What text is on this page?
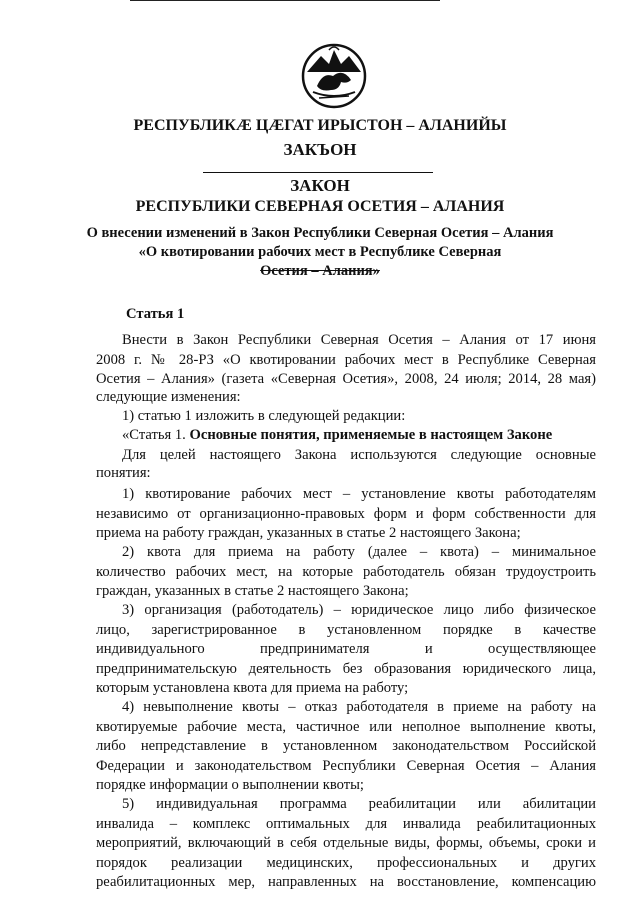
РЕСПУБЛИКӔ ЦӔГАТ ИРЫСТОН – АЛАНИЙЫ
ЗАКЪОН
ЗАКОН
РЕСПУБЛИКИ СЕВЕРНАЯ ОСЕТИЯ – АЛАНИЯ
О внесении изменений в Закон Республики Северная Осетия – Алания
«О квотировании рабочих мест в Республике Северная
Осетия – Алания»
Статья 1
Внести в Закон Республики Северная Осетия – Алания от 17 июня
2008 г. № 28-РЗ «О квотировании рабочих мест в Республике Северная
Осетия – Алания» (газета «Северная Осетия», 2008, 24 июля; 2014, 28 мая)
следующие изменения:
1) статью 1 изложить в следующей редакции:
«Статья 1. Основные понятия, применяемые в настоящем Законе
Для целей настоящего Закона используются следующие основные
понятия:
1) квотирование рабочих мест – установление квоты работодателям
независимо от организационно-правовых форм и форм собственности для
приема на работу граждан, указанных в статье 2 настоящего Закона;
2) квота для приема на работу (далее – квота) – минимальное
количество рабочих мест, на которые работодатель обязан трудоустроить
граждан, указанных в статье 2 настоящего Закона;
3) организация (работодатель) – юридическое лицо либо физическое
лицо, зарегистрированное в установленном порядке в качестве
индивидуального предпринимателя и осуществляющее
предпринимательскую деятельность без образования юридического лица,
которым установлена квота для приема на работу;
4) невыполнение квоты – отказ работодателя в приеме на работу на
квотируемые рабочие места, частичное или неполное выполнение квоты,
либо непредставление в установленном законодательством Российской
Федерации и законодательством Республики Северная Осетия – Алания
порядке информации о выполнении квоты;
5) индивидуальная программа реабилитации или абилитации
инвалида – комплекс оптимальных для инвалида реабилитационных
мероприятий, включающий в себя отдельные виды, формы, объемы, сроки и
порядок реализации медицинских, профессиональных и других
реабилитационных мер, направленных на восстановление, компенсацию
